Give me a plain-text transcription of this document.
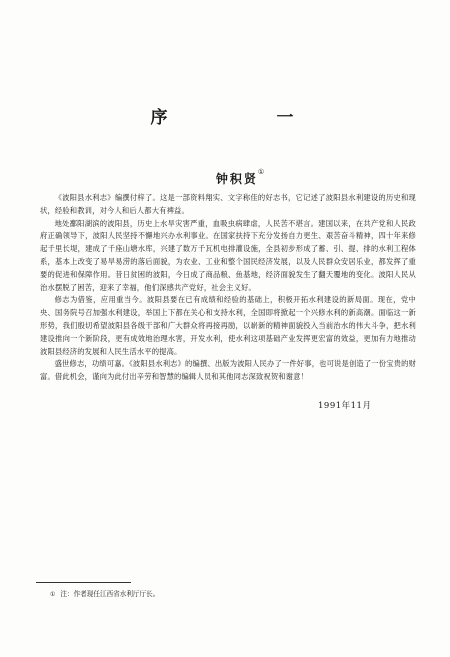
序　一
钟积贤①

《波阳县水利志》编撰付梓了。这是一部资料翔实、文字称佳的好志书，它记述了波阳县水利建设的历史和现状，经验和教训，对今人和后人都大有裨益。

地处鄱阳湖滨的波阳县，历史上水旱灾害严重，血吸虫病肆虐，人民苦不堪言。建国以来，在共产党和人民政府正确领导下，波阳人民坚持不懈地兴办水利事业。在国家扶持下充分发扬自力更生、艰苦奋斗精神，四十年来修起千里长堤，建成了千座山塘水库，兴建了数万千瓦机电排灌设施，全县初步形成了蓄、引、提、排的水利工程体系，基本上改变了易旱易涝的落后面貌，为农业、工业和整个国民经济发展，以及人民群众安居乐业，都发挥了重要的促进和保障作用。昔日贫困的波阳，今日成了商品粮、鱼基地，经济面貌发生了翻天覆地的变化。波阳人民从治水摆脱了困苦，迎来了幸福，他们深感共产党好，社会主义好。

修志为借鉴，应用重当今。波阳县要在已有成绩和经验的基础上，积极开拓水利建设的新局面。现在，党中央、国务院号召加强水利建设，举国上下都在关心和支持水利，全国即将掀起一个兴修水利的新高潮。面临这一新形势，我们殷切希望波阳县各级干部和广大群众将再接再励，以崭新的精神面貌投入当前治水的伟大斗争，把水利建设推向一个新阶段，更有成效地治理水害，开发水利，使水利这项基础产业发挥更宏富的效益，更加有力地推动波阳县经济的发展和人民生活水平的提高。

盛世修志，功绩可嘉。《波阳县水利志》的编撰、出版为波阳人民办了一件好事，也可说是创造了一份宝贵的财富。借此机会，谨向为此付出辛劳和智慧的编辑人员和其他同志深致祝贺和谢意！

1991年11月
① 注：作者现任江西省水利厅厅长。
